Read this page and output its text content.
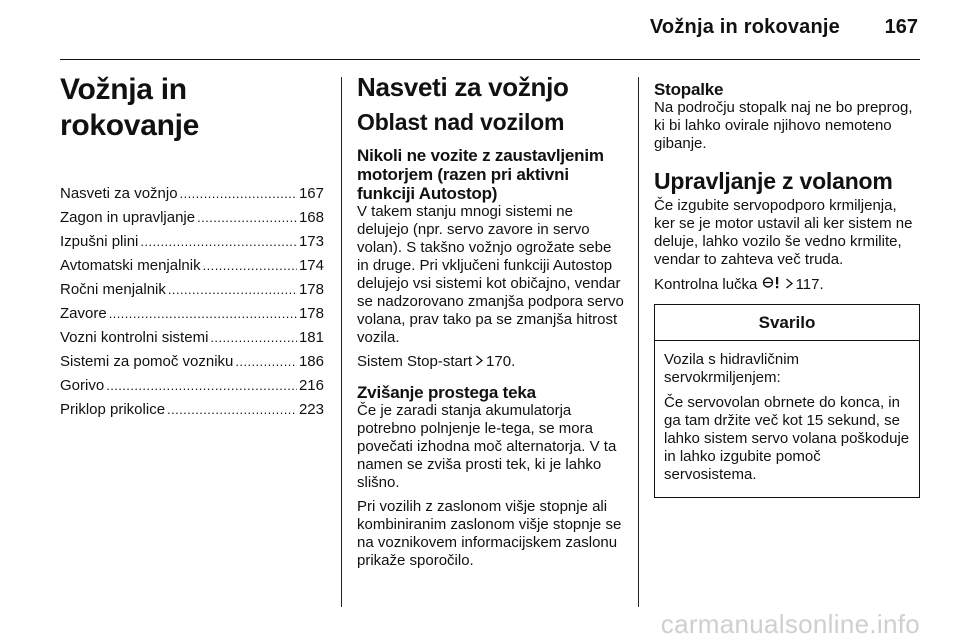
Vožnja in rokovanje 167
Vožnja in rokovanje
Nasveti za vožnjo . . .	167
Zagon in upravljanje . . .	168
Izpušni plini . . .	173
Avtomatski menjalnik . . .	174
Ročni menjalnik . . .	178
Zavore . . .	178
Vozni kontrolni sistemi . . .	181
Sistemi za pomoč vozniku . . .	186
Gorivo . . .	216
Priklop prikolice . . .	223
Nasveti za vožnjo
Oblast nad vozilom
Nikoli ne vozite z zaustavljenim motorjem (razen pri aktivni funkciji Autostop)

V takem stanju mnogi sistemi ne delujejo (npr. servo zavore in servo volan). S takšno vožnjo ogrožate sebe in druge. Pri vključeni funkciji Autostop delujejo vsi sistemi kot običajno, vendar se nadzorovano zmanjša podpora servo volana, prav tako pa se zmanjša hitrost vozila.

Sistem Stop-start 170.

Zvišanje prostega teka

Če je zaradi stanja akumulatorja potrebno polnjenje le-tega, se mora povečati izhodna moč alternatorja. V ta namen se zviša prosti tek, ki je lahko slišno.

Pri vozilih z zaslonom višje stopnje ali kombiniranim zaslonom višje stopnje se na voznikovem informacijskem zaslonu prikaže sporočilo.

Stopalke

Na področju stopalk naj ne bo preprog, ki bi lahko ovirale njihovo nemoteno gibanje.

Upravljanje z volanom

Če izgubite servopodporo krmiljenja, ker se je motor ustavil ali ker sistem ne deluje, lahko vozilo še vedno krmilite, vendar to zahteva več truda.

Kontrolna lučka	117.

Svarilo

Vozila s hidravličnim servokrmiljenjem:

Če servovolan obrnete do konca, in ga tam držite več kot 15 sekund, se lahko sistem servo volana poškoduje in lahko izgubite pomoč servosistema.

carmanualsonline.info
